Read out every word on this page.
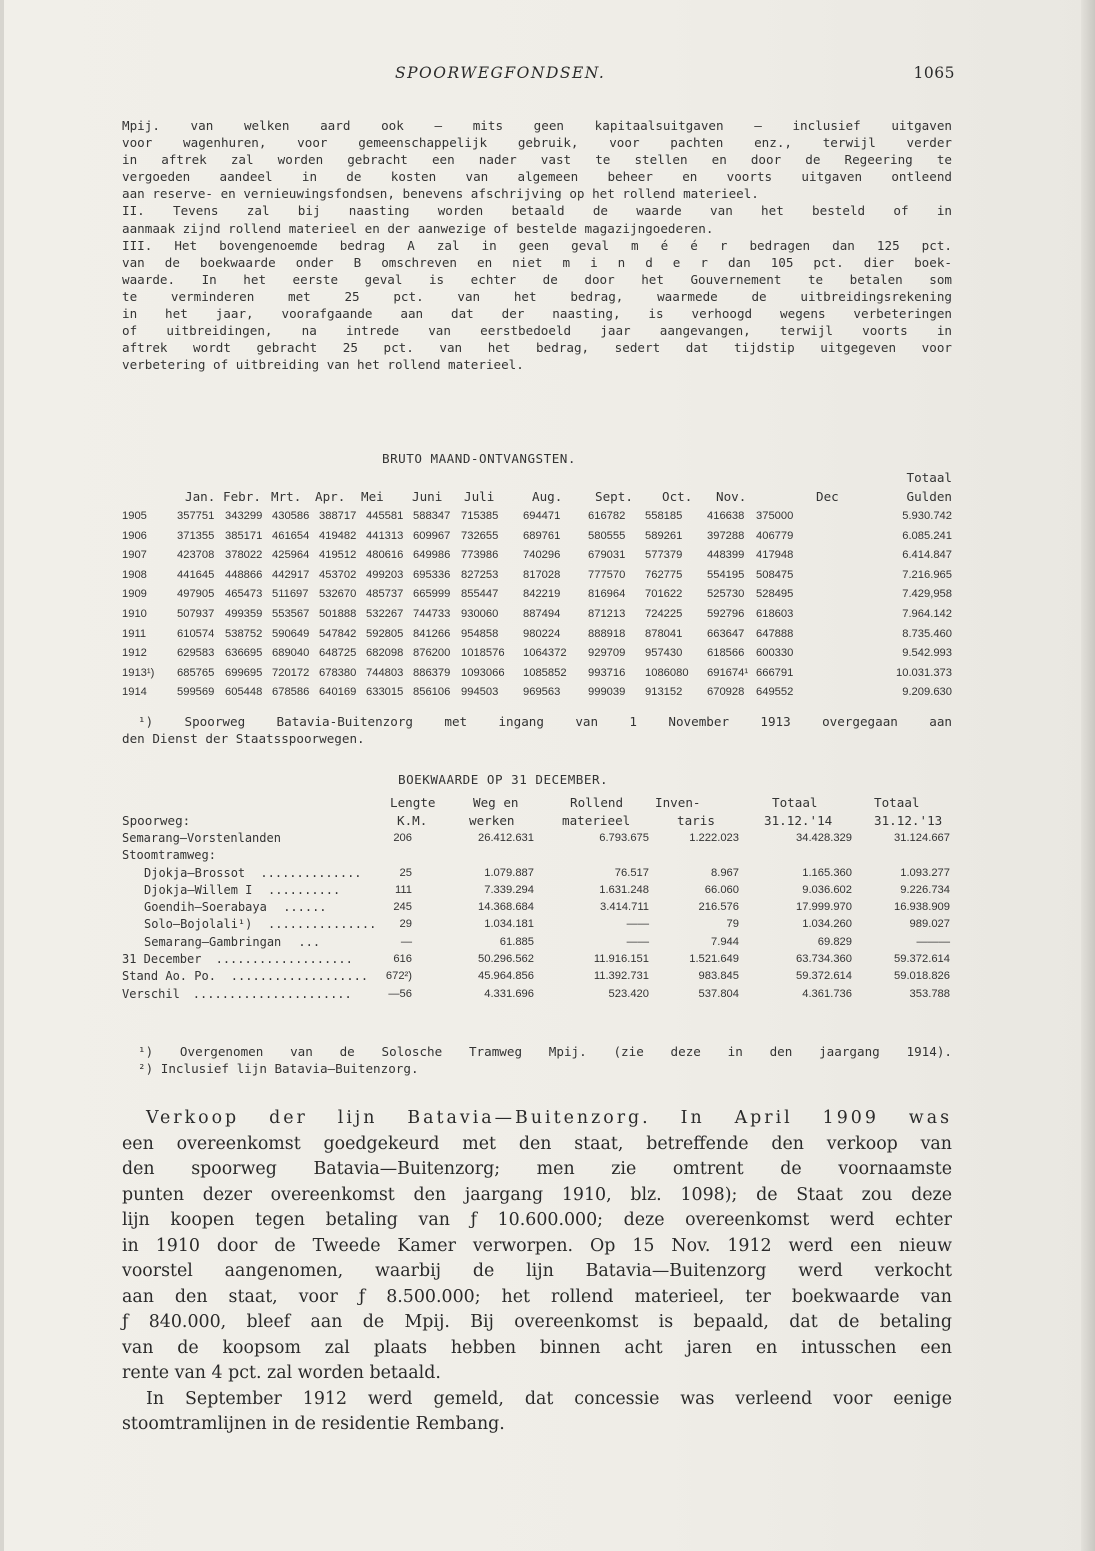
SPOORWEGFONDSEN.	1065
Mpij. van welken aard ook — mits geen kapitaalsuitgaven — inclusief uitgaven
voor wagenhuren, voor gemeenschappelijk gebruik, voor pachten enz., terwijl verder
in aftrek zal worden gebracht een nader vast te stellen en door de Regeering te
vergoeden aandeel in de kosten van algemeen beheer en voorts uitgaven ontleend
aan reserve- en vernieuwingsfondsen, benevens afschrijving op het rollend materieel.
II. Tevens zal bij naasting worden betaald de waarde van het besteld of in
aanmaak zijnd rollend materieel en der aanwezige of bestelde magazijngoederen.
III. Het bovengenoemde bedrag A zal in geen geval m é é r bedragen dan 125 pct.
van de boekwaarde onder B omschreven en niet m i n d e r dan 105 pct. dier boek-
waarde. In het eerste geval is echter de door het Gouvernement te betalen som
te verminderen met 25 pct. van het bedrag, waarmede de uitbreidingsrekening
in het jaar, voorafgaande aan dat der naasting, is verhoogd wegens verbeteringen
of uitbreidingen, na intrede van eerstbedoeld jaar aangevangen, terwijl voorts in
aftrek wordt gebracht 25 pct. van het bedrag, sedert dat tijdstip uitgegeven voor
verbetering of uitbreiding van het rollend materieel.
BRUTO MAAND-ONTVANGSTEN.
Totaal
Gulden
Jan. Febr. Mrt. Apr. Mei Juni Juli	Aug.	Sept. Oct. Nov.	Dec
1905	357751 343299 430586 388717 445581 588347 715385 694471 616782 558185 416638 375000	5.930.742
1906	371355 385171 461654 419482 441313 609967 732655 689761 580555 589261 397288 406779	6.085.241
1907	423708 378022 425964 419512 480616 649986 773986 740296 679031 577379 448399 417948	6.414.847
1908	441645 448866 442917 453702 499203 695336 827253 817028 777570 762775 554195 508475	7.216.965
1909	497905 465473 511697 532670 485737 665999 855447 842219 816964 701622 525730 528495	7.429,958
1910	507937 499359 553567 501888 532267 744733 930060 887494 871213 724225 592796 618603	7.964.142
1911	610574 538752 590649 547842 592805 841266 954858 980224 888918 878041 663647 647888	8.735.460
1912	629583 636695 689040 648725 682098 876200 1018576 1064372 929709 957430 618566 600330	9.542.993
1913¹) 685765 699695 720172 678380 744803 886379 1093066 1085852 993716 1086080 691674¹ 666791	10.031.373
1914	599569 605448 678586 640169 633015 856106 994503 969563 999039 913152 670928 649552	9.209.630
¹) Spoorweg Batavia-Buitenzorg met ingang van 1 November 1913 overgegaan aan
den Dienst der Staatsspoorwegen.
BOEKWAARDE OP 31 DECEMBER.
Lengte	Weg en	Rollend	Inven-	Totaal	Totaal
Spoorweg:	K.M.	werken	materieel	taris	31.12.'14	31.12.'13
Semarang—Vorstenlanden	206	26.412.631	6.793.675	1.222.023	34.428.329	31.124.667
Stoomtramweg:
Djokja—Brossot ..............	25	1.079.887	76.517	8.967	1.165.360	1.093.277
Djokja—Willem I ..........	111	7.339.294	1.631.248	66.060	9.036.602	9.226.734
Goendih—Soerabaya ......	245	14.368.684	3.414.711	216.576	17.999.970	16.938.909
Solo—Bojolali¹) ............... 29	1.034.181	——	79	1.034.260	989.027
Semarang—Gambringan ...	—	61.885	——	7.944	69.829	———
31 December ...................	616	50.296.562	11.916.151	1.521.649	63.734.360	59.372.614
Stand Ao. Po. ................... 672²)	45.964.856	11.392.731	983.845	59.372.614	59.018.826
Verschil ......................	—56	4.331.696	523.420	537.804	4.361.736	353.788
¹) Overgenomen van de Solosche Tramweg Mpij. (zie deze in den jaargang 1914).
²) Inclusief lijn Batavia—Buitenzorg.
Verkoop der lijn Batavia—Buitenzorg. In April 1909 was
een overeenkomst goedgekeurd met den staat, betreffende den verkoop van
den spoorweg Batavia—Buitenzorg; men zie omtrent de voornaamste
punten dezer overeenkomst den jaargang 1910, blz. 1098); de Staat zou deze
lijn koopen tegen betaling van ƒ 10.600.000; deze overeenkomst werd echter
in 1910 door de Tweede Kamer verworpen. Op 15 Nov. 1912 werd een nieuw
voorstel aangenomen, waarbij de lijn Batavia—Buitenzorg werd verkocht
aan den staat, voor ƒ 8.500.000; het rollend materieel, ter boekwaarde van
ƒ 840.000, bleef aan de Mpij. Bij overeenkomst is bepaald, dat de betaling
van de koopsom zal plaats hebben binnen acht jaren en intusschen een
rente van 4 pct. zal worden betaald.
In September 1912 werd gemeld, dat concessie was verleend voor eenige
stoomtramlijnen in de residentie Rembang.
